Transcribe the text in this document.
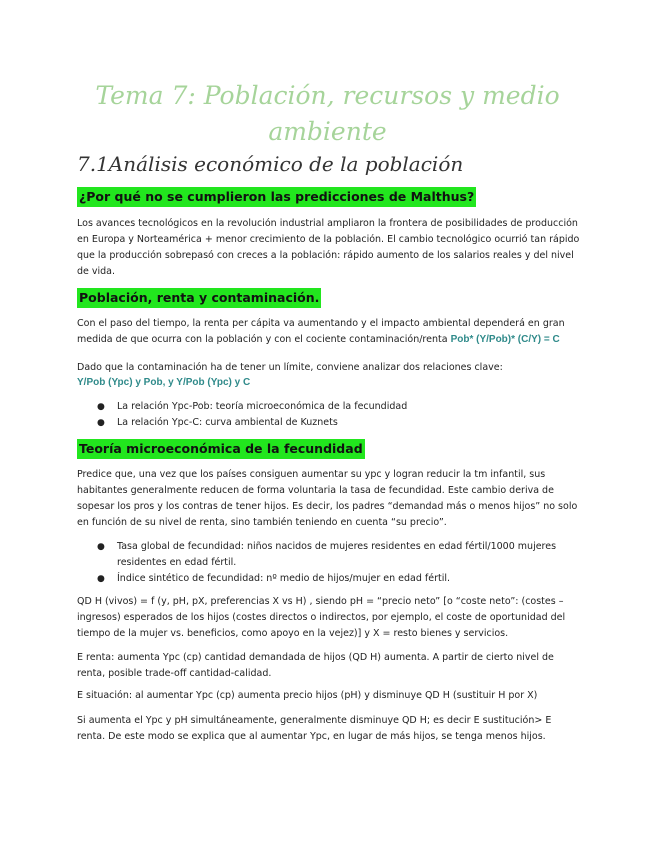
Tema 7: Población, recursos y medio ambiente
7.1Análisis económico de la población
¿Por qué no se cumplieron las predicciones de Malthus?

Los avances tecnológicos en la revolución industrial ampliaron la frontera de posibilidades de producción en Europa y Norteamérica + menor crecimiento de la población. El cambio tecnológico ocurrió tan rápido que la producción sobrepasó con creces a la población: rápido aumento de los salarios reales y del nivel de vida.

Población, renta y contaminación.

Con el paso del tiempo, la renta per cápita va aumentando y el impacto ambiental dependerá en gran medida de que ocurra con la población y con el cociente contaminación/renta Pob* (Y/Pob)* (C/Y) = C

Dado que la contaminación ha de tener un límite, conviene analizar dos relaciones clave:

Y/Pob (Ypc) y Pob, y Y/Pob (Ypc) y C
● La relación Ypc-Pob: teoría microeconómica de la fecundidad
● La relación Ypc-C: curva ambiental de Kuznets
Teoría microeconómica de la fecundidad

Predice que, una vez que los países consiguen aumentar su ypc y logran reducir la tm infantil, sus habitantes generalmente reducen de forma voluntaria la tasa de fecundidad. Este cambio deriva de sopesar los pros y los contras de tener hijos. Es decir, los padres “demandad más o menos hijos” no solo en función de su nivel de renta, sino también teniendo en cuenta “su precio”.

● Tasa global de fecundidad: niños nacidos de mujeres residentes en edad fértil/1000 mujeres residentes en edad fértil.
● Índice sintético de fecundidad: nº medio de hijos/mujer en edad fértil.

QD H (vivos) = f (y, pH, pX, preferencias X vs H) , siendo pH = “precio neto” [o “coste neto”: (costes – ingresos) esperados de los hijos (costes directos o indirectos, por ejemplo, el coste de oportunidad del tiempo de la mujer vs. beneficios, como apoyo en la vejez)] y X = resto bienes y servicios.

E renta: aumenta Ypc (cp) cantidad demandada de hijos (QD H) aumenta. A partir de cierto nivel de renta, posible trade-off cantidad-calidad.

E situación: al aumentar Ypc (cp) aumenta precio hijos (pH) y disminuye QD H (sustituir H por X)

Si aumenta el Ypc y pH simultáneamente, generalmente disminuye QD H; es decir E sustitución> E renta. De este modo se explica que al aumentar Ypc, en lugar de más hijos, se tenga menos hijos.
